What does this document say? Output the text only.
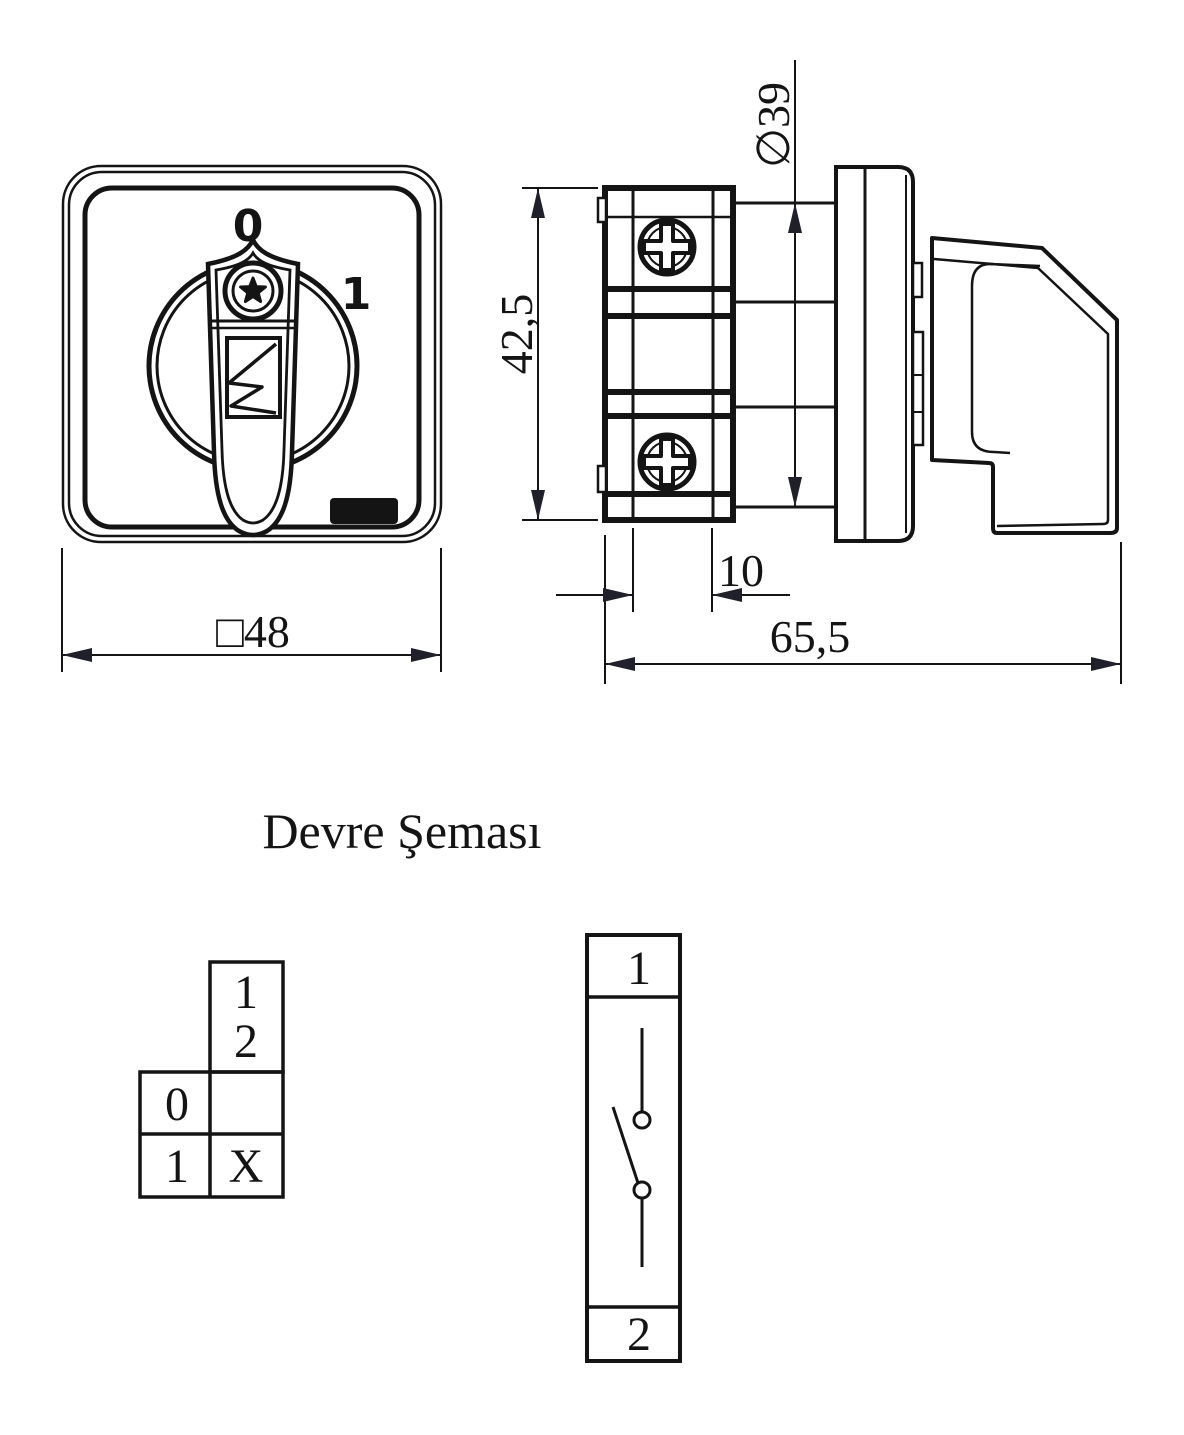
0
1
□48
∅39
42,5
10
65,5
Devre Şeması
1
2
0
1 X
1
2
